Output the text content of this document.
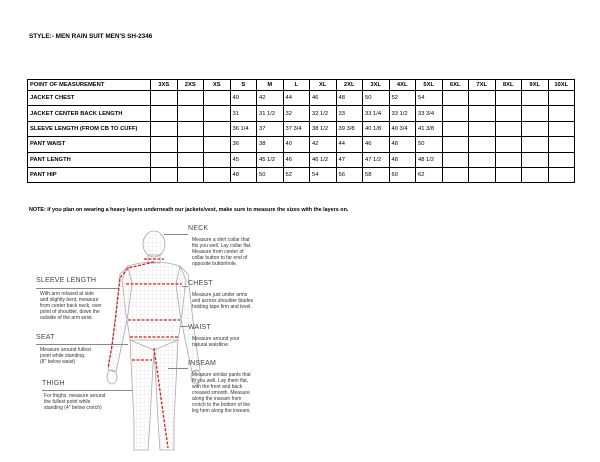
STYLE:- MEN RAIN SUIT MEN'S SH-2346
POINT OF MEASUREMENT	3XS	2XS	XS	S	M	L	XL	2XL	3XL	4XL	5XL	6XL	7XL	8XL	9XL	10XL
JACKET CHEST				40	42	44	46	48	50	52	54					
JACKET CENTER BACK LENGTH				31	31 1/2	32	32 1/2	33	33 1/4	33 1/2	33 3/4					
SLEEVE LENGTH (FROM CB TO CUFF)				36 1/4	37	37 3/4	38 1/2	39 3/8	40 1/8	40 3/4	41 3/8					
PANT WAIST				36	38	40	42	44	46	48	50					
PANT LENGTH				45	45 1/2	46	46 1/2	47	47 1/2	48	48 1/2					
PANT HIP				48	50	52	54	56	58	60	62					
NOTE: if you plan on wearing a heavy layers underneath our jackets/vest, make sure to measure the sizes with the layers on.
NECK
Measure a shirt collar that
fits you well. Lay collar flat.
Measure from center of
collar button to far end of
opposite buttonhole.
CHEST
Measure just under arms
and across shoulder blades
holding tape firm and level.
WAIST
Measure around your
natural waistline.
INSEAM
Measure similar pants that
fit you well. Lay them flat,
with the front and back
creased smooth. Measure
along the inseam from
crotch to the bottom of the
leg hem along the inseam.
SLEEVE LENGTH
With arm relaxed at side
and slightly bent, measure
from center back neck, over
point of shoulder, down the
outside of the arm wrist.
SEAT
Measure around fullest
point while standing.
(8" below waist)
THIGH
For thighs, measure around
the fullest point while
standing (4" below crotch)
